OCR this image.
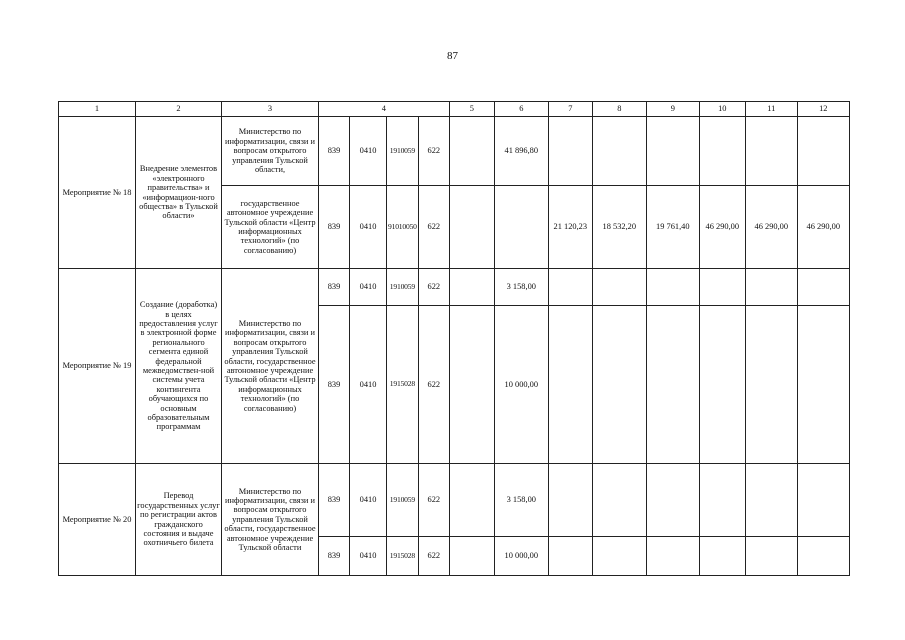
87
1	2	3	4				5	6	7	8	9	10	11	12
Мероприятие № 18	Внедрение элементов «электронного правительства» и «информацион-ного общества» в Тульской области»	Министерство по информатизации, связи и вопросам открытого управления Тульской области,	839	0410	1910059	622		41 896,80						
		государственное автономное учреждение Тульской области «Центр информационных технологий» (по согласованию)	839	0410	91010050	622			21 120,23	18 532,20	19 761,40	46 290,00	46 290,00	46 290,00
Мероприятие № 19	Создание (доработка) в целях предоставления услуг в электронной форме регионального сегмента единой федеральной межведомствен-ной системы учета контингента обучающихся по основным образовательным программам	Министерство по информатизации, связи и вопросам открытого управления Тульской области, государственное автономное учреждение Тульской области «Центр информационных технологий» (по согласованию)	839	0410	1910059	622		3 158,00						
			839	0410	1915028	622		10 000,00						
Мероприятие № 20	Перевод государственных услуг по регистрации актов гражданского состояния и выдаче охотничьего билета	Министерство по информатизации, связи и вопросам открытого управления Тульской области, государственное автономное учреждение Тульской области	839	0410	1910059	622		3 158,00						
			839	0410	1915028	622		10 000,00						
